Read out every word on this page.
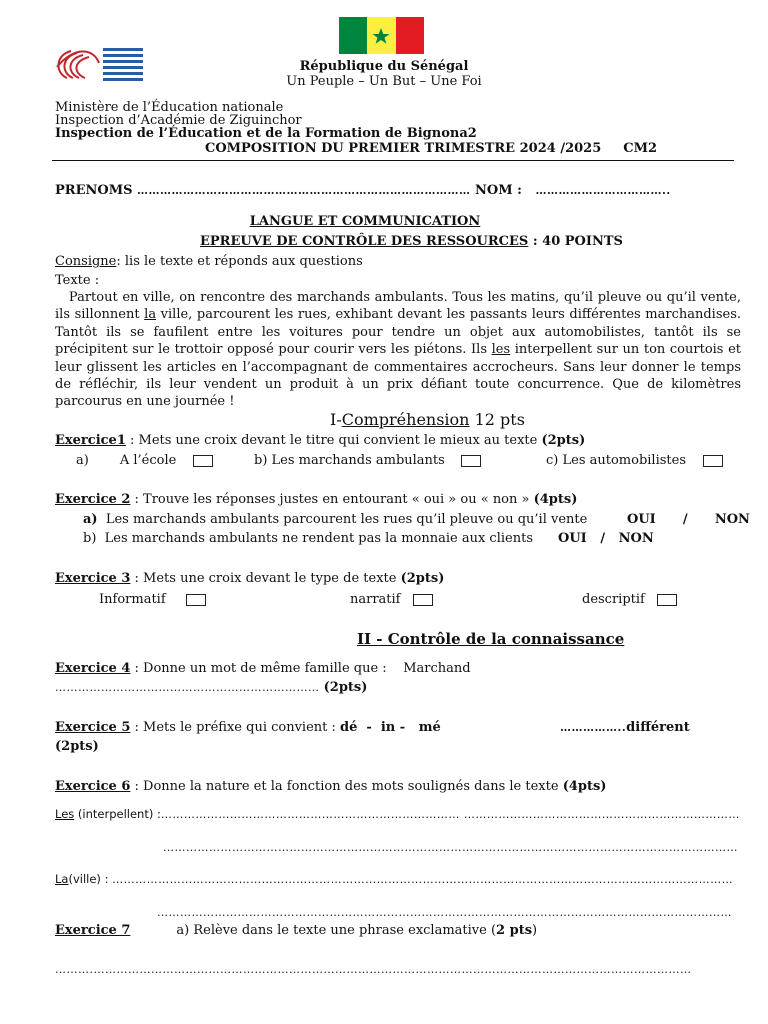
République du Sénégal
Un Peuple – Un But – Une Foi
Ministère de l’Éducation nationale
Inspection d’Académie de Ziguinchor
Inspection de l’Éducation et de la Formation de Bignona2
COMPOSITION DU PREMIER TRIMESTRE 2024 /2025 CM2
PRENOMS …………………………………………………………………………… NOM : ……………………………..
LANGUE ET COMMUNICATION
EPREUVE DE CONTRÔLE DES RESSOURCES : 40 POINTS
Consigne: lis le texte et réponds aux questions
Texte :
Partout en ville, on rencontre des marchands ambulants. Tous les matins, qu’il pleuve ou qu’il vente, ils sillonnent la ville, parcourent les rues, exhibant devant les passants leurs différentes marchandises. Tantôt ils se faufilent entre les voitures pour tendre un objet aux automobilistes, tantôt ils se précipitent sur le trottoir opposé pour courir vers les piétons. Ils les interpellent sur un ton courtois et leur glissent les articles en l’accompagnant de commentaires accrocheurs. Sans leur donner le temps de réfléchir, ils leur vendent un produit à un prix défiant toute concurrence. Que de kilomètres parcourus en une journée !
I-Compréhension 12 pts
Exercice1 : Mets une croix devant le titre qui convient le mieux au texte (2pts)
a) A l’école	b) Les marchands ambulants	c) Les automobilistes
Exercice 2 : Trouve les réponses justes en entourant « oui » ou « non » (4pts)
a) Les marchands ambulants parcourent les rues qu’il pleuve ou qu’il vente	OUI / NON
b) Les marchands ambulants ne rendent pas la monnaie aux clients OUI / NON
Exercice 3 : Mets une croix devant le type de texte (2pts)
Informatif	narratif	descriptif
II - Contrôle de la connaissance
Exercice 4 : Donne un mot de même famille que :    Marchand
…………………………………………………………… (2pts)
Exercice 5 : Mets le préfixe qui convient : dé  -  in -   mé	……………..différent
(2pts)
Exercice 6 : Donne la nature et la fonction des mots soulignés dans le texte (4pts)
Les (interpellent) :…………………………………………………………………… ………………………………………………………………
……………………………………………………………………………………………………………………………………
La(ville) : ………………………………………………………………………………………………………………………………………………
……………………………………………………………………………………………………………………………………
Exercice 7	a) Relève dans le texte une phrase exclamative (2 pts)
……….…………………………………………………………………………………………………………………………………………
